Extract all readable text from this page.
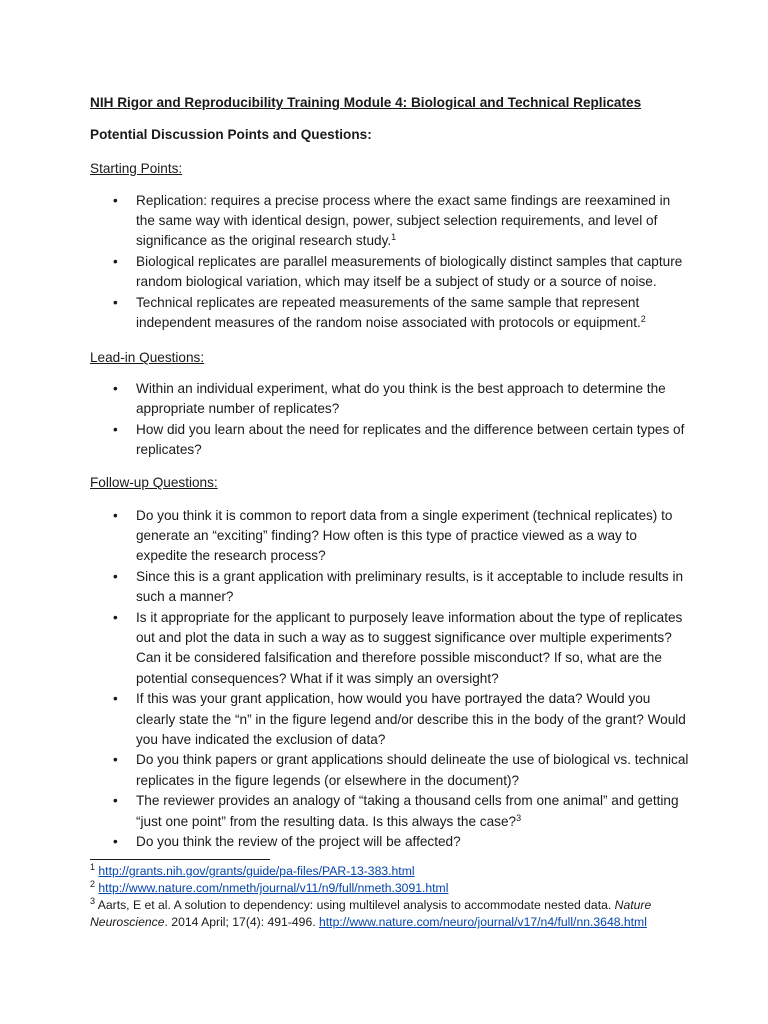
NIH Rigor and Reproducibility Training Module 4: Biological and Technical Replicates

Potential Discussion Points and Questions:

Starting Points:

• Replication: requires a precise process where the exact same findings are reexamined in the same way with identical design, power, subject selection requirements, and level of significance as the original research study.$^1$
• Biological replicates are parallel measurements of biologically distinct samples that capture random biological variation, which may itself be a subject of study or a source of noise.
• Technical replicates are repeated measurements of the same sample that represent independent measures of the random noise associated with protocols or equipment.$^2$

Lead-in Questions:

• Within an individual experiment, what do you think is the best approach to determine the appropriate number of replicates?
• How did you learn about the need for replicates and the difference between certain types of replicates?

Follow-up Questions:

• Do you think it is common to report data from a single experiment (technical replicates) to generate an “exciting” finding? How often is this type of practice viewed as a way to expedite the research process?
• Since this is a grant application with preliminary results, is it acceptable to include results in such a manner?
• Is it appropriate for the applicant to purposely leave information about the type of replicates out and plot the data in such a way as to suggest significance over multiple experiments? Can it be considered falsification and therefore possible misconduct? If so, what are the potential consequences? What if it was simply an oversight?
• If this was your grant application, how would you have portrayed the data? Would you clearly state the “n” in the figure legend and/or describe this in the body of the grant? Would you have indicated the exclusion of data?
• Do you think papers or grant applications should delineate the use of biological vs. technical replicates in the figure legends (or elsewhere in the document)?
• The reviewer provides an analogy of “taking a thousand cells from one animal” and getting “just one point” from the resulting data. Is this always the case?$^3$
• Do you think the review of the project will be affected?

$^1$ http://grants.nih.gov/grants/guide/pa-files/PAR-13-383.html

$^2$ http://www.nature.com/nmeth/journal/v11/n9/full/nmeth.3091.html

$^3$ Aarts, E et al. A solution to dependency: using multilevel analysis to accommodate nested data. Nature Neuroscience. 2014 April; 17(4): 491-496. http://www.nature.com/neuro/journal/v17/n4/full/nn.3648.html
